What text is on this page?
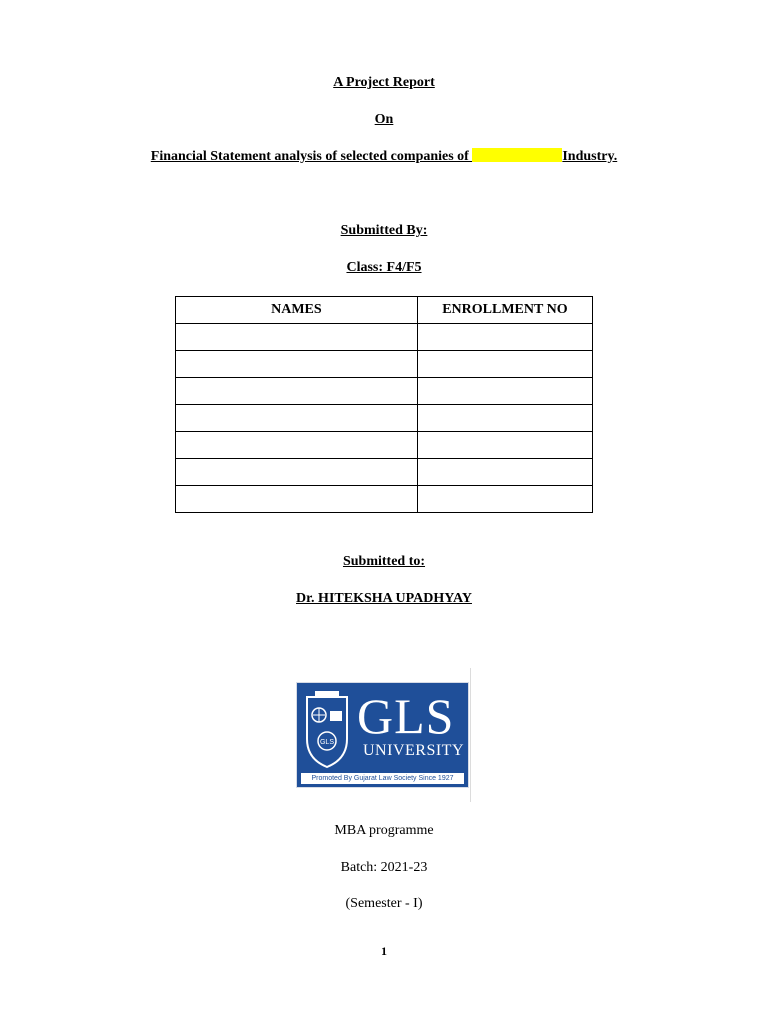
A Project Report
On
Financial Statement analysis of selected companies of	Industry.
Submitted By:
Class: F4/F5
NAMES	ENROLLMENT NO

Submitted to:
Dr. HITEKSHA UPADHYAY
GLS GLS
UNIVERSITY
Promoted By Gujarat Law Society Since 1927
MBA programme
Batch: 2021-23
(Semester - I)
1
